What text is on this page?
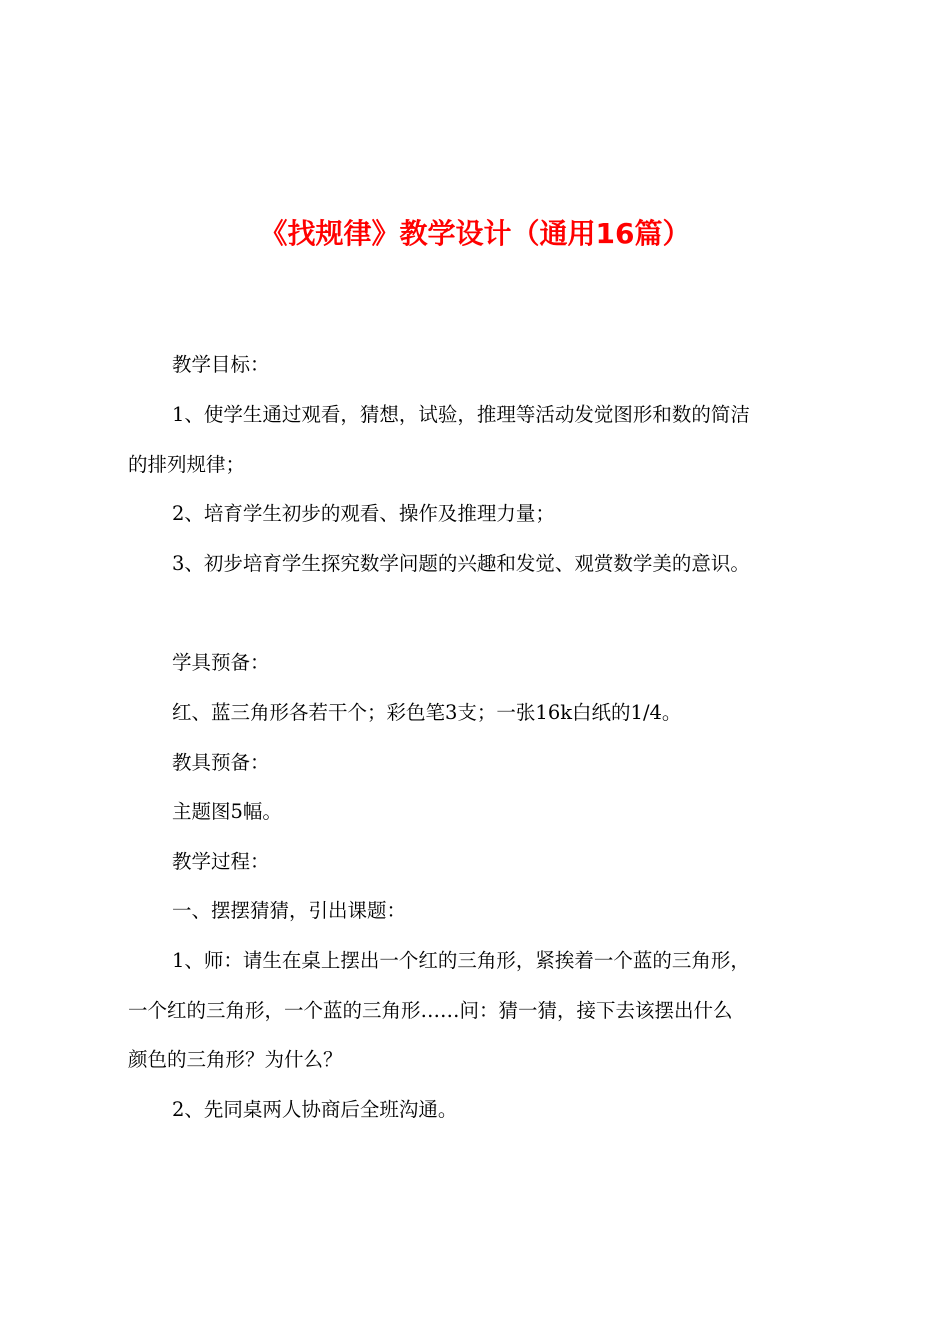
《找规律》教学设计（通用16篇）

教学目标：

1、使学生通过观看，猜想，试验，推理等活动发觉图形和数的简洁

的排列规律；

2、培育学生初步的观看、操作及推理力量；

3、初步培育学生探究数学问题的兴趣和发觉、观赏数学美的意识。

学具预备：

红、蓝三角形各若干个；彩色笔3支；一张16k白纸的1/4。

教具预备：

主题图5幅。

教学过程：

一、摆摆猜猜，引出课题：

1、师：请生在桌上摆出一个红的三角形，紧挨着一个蓝的三角形，

一个红的三角形，一个蓝的三角形……问：猜一猜，接下去该摆出什么

颜色的三角形？为什么？

2、先同桌两人协商后全班沟通。
